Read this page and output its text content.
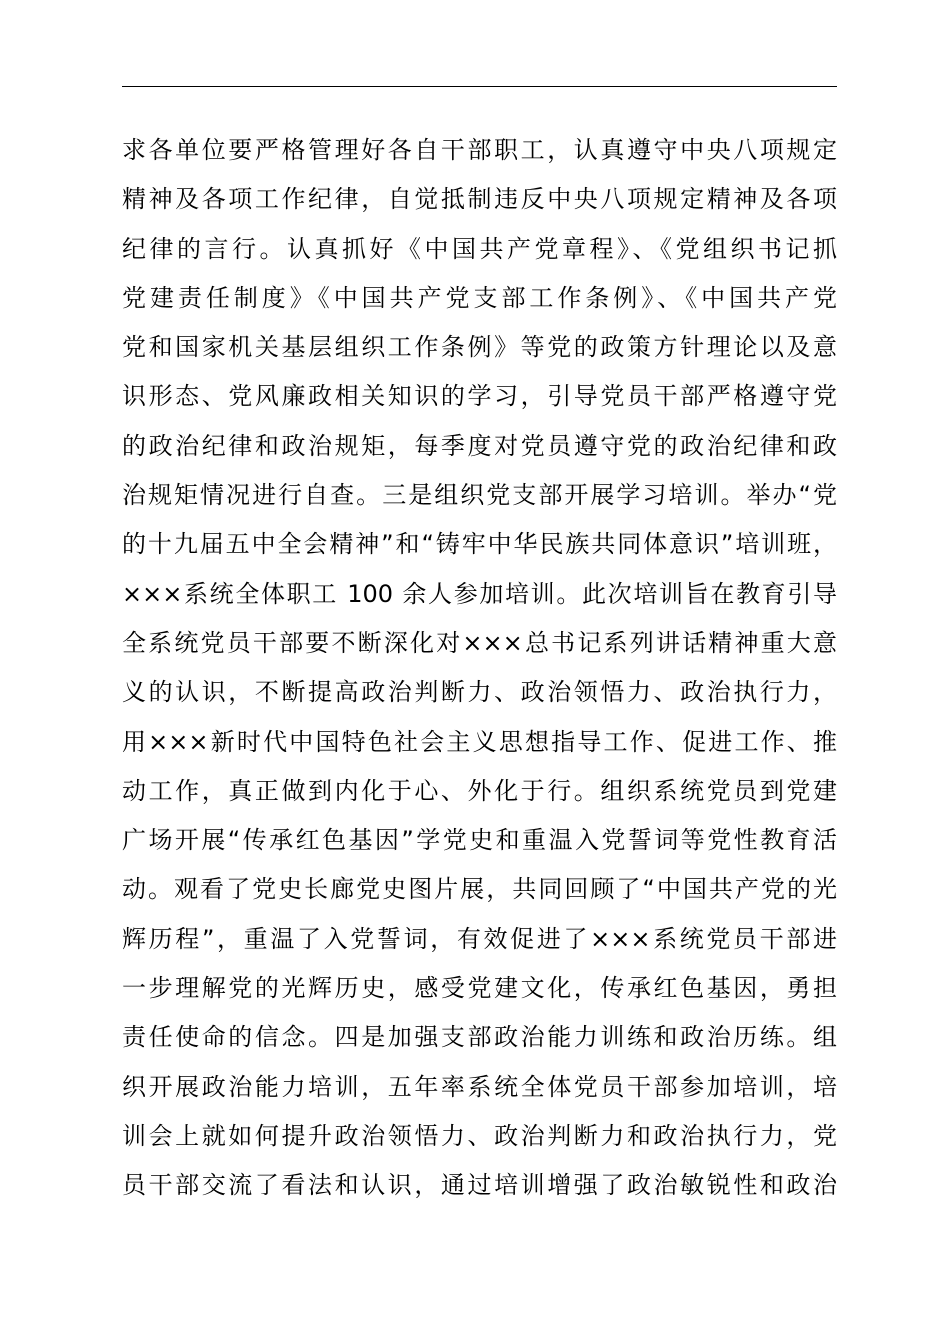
求各单位要严格管理好各自干部职工，认真遵守中央八项规定
精神及各项工作纪律，自觉抵制违反中央八项规定精神及各项
纪律的言行。认真抓好《中国共产党章程》、《党组织书记抓
党建责任制度》《中国共产党支部工作条例》、《中国共产党
党和国家机关基层组织工作条例》等党的政策方针理论以及意
识形态、党风廉政相关知识的学习，引导党员干部严格遵守党
的政治纪律和政治规矩，每季度对党员遵守党的政治纪律和政
治规矩情况进行自查。三是组织党支部开展学习培训。举办“党
的十九届五中全会精神”和“铸牢中华民族共同体意识”培训班，
×××系统全体职工 100 余人参加培训。此次培训旨在教育引导
全系统党员干部要不断深化对×××总书记系列讲话精神重大意
义的认识，不断提高政治判断力、政治领悟力、政治执行力，
用×××新时代中国特色社会主义思想指导工作、促进工作、推
动工作，真正做到内化于心、外化于行。组织系统党员到党建
广场开展“传承红色基因”学党史和重温入党誓词等党性教育活
动。观看了党史长廊党史图片展，共同回顾了“中国共产党的光
辉历程”，重温了入党誓词，有效促进了×××系统党员干部进
一步理解党的光辉历史，感受党建文化，传承红色基因，勇担
责任使命的信念。四是加强支部政治能力训练和政治历练。组
织开展政治能力培训，五年率系统全体党员干部参加培训，培
训会上就如何提升政治领悟力、政治判断力和政治执行力，党
员干部交流了看法和认识，通过培训增强了政治敏锐性和政治
